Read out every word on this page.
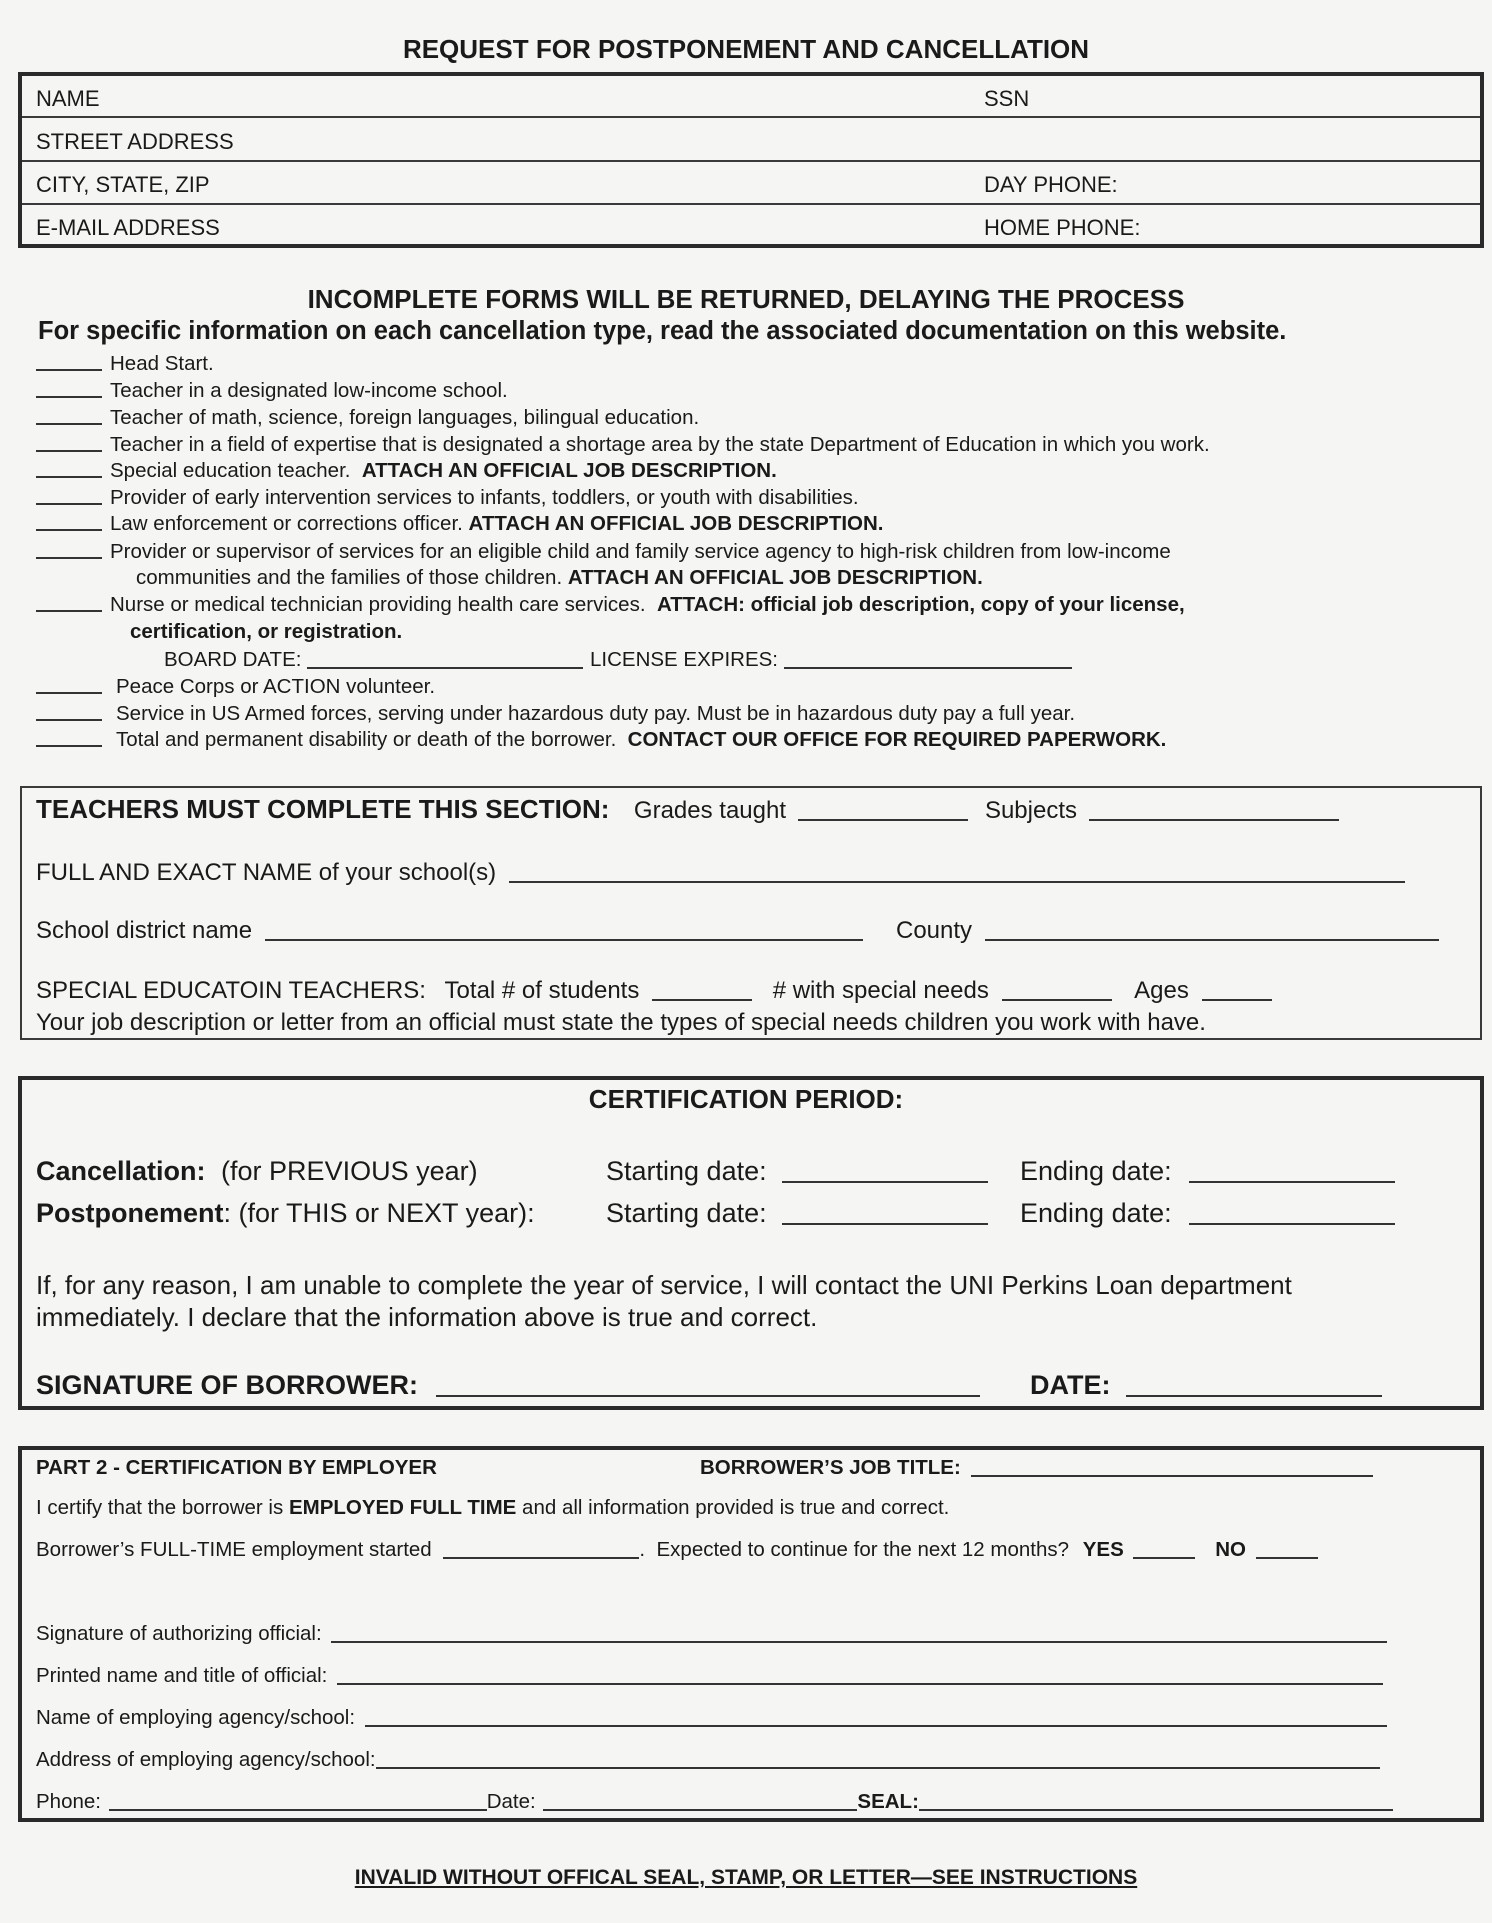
REQUEST FOR POSTPONEMENT AND CANCELLATION
NAME	SSN
STREET ADDRESS
CITY, STATE, ZIP	DAY PHONE:
E-MAIL ADDRESS	HOME PHONE:
INCOMPLETE FORMS WILL BE RETURNED, DELAYING THE PROCESS
For specific information on each cancellation type, read the associated documentation on this website.
Head Start.
Teacher in a designated low-income school.
Teacher of math, science, foreign languages, bilingual education.
Teacher in a field of expertise that is designated a shortage area by the state Department of Education in which you work.
Special education teacher.  ATTACH AN OFFICIAL JOB DESCRIPTION.
Provider of early intervention services to infants, toddlers, or youth with disabilities.
Law enforcement or corrections officer. ATTACH AN OFFICIAL JOB DESCRIPTION.
Provider or supervisor of services for an eligible child and family service agency to high-risk children from low-income
communities and the families of those children. ATTACH AN OFFICIAL JOB DESCRIPTION.
Nurse or medical technician providing health care services.  ATTACH: official job description, copy of your license,
certification, or registration.
BOARD DATE:	LICENSE EXPIRES:
Peace Corps or ACTION volunteer.
Service in US Armed forces, serving under hazardous duty pay. Must be in hazardous duty pay a full year.
Total and permanent disability or death of the borrower.  CONTACT OUR OFFICE FOR REQUIRED PAPERWORK.
TEACHERS MUST COMPLETE THIS SECTION: Grades taught	Subjects
FULL AND EXACT NAME of your school(s)
School district name	County
SPECIAL EDUCATOIN TEACHERS: Total # of students	# with special needs	Ages
Your job description or letter from an official must state the types of special needs children you work with have.
CERTIFICATION PERIOD:
Cancellation: (for PREVIOUS year)	Starting date:	Ending date:
Postponement: (for THIS or NEXT year):	Starting date:	Ending date:
If, for any reason, I am unable to complete the year of service, I will contact the UNI Perkins Loan department
immediately. I declare that the information above is true and correct.
SIGNATURE OF BORROWER:	DATE:
PART 2 - CERTIFICATION BY EMPLOYER	BORROWER’S JOB TITLE:
I certify that the borrower is EMPLOYED FULL TIME and all information provided is true and correct.
Borrower’s FULL-TIME employment started	.  Expected to continue for the next 12 months? YES	NO
Signature of authorizing official:
Printed name and title of official:
Name of employing agency/school:
Address of employing agency/school:
Phone:	Date:	SEAL:
INVALID WITHOUT OFFICAL SEAL, STAMP, OR LETTER—SEE INSTRUCTIONS
